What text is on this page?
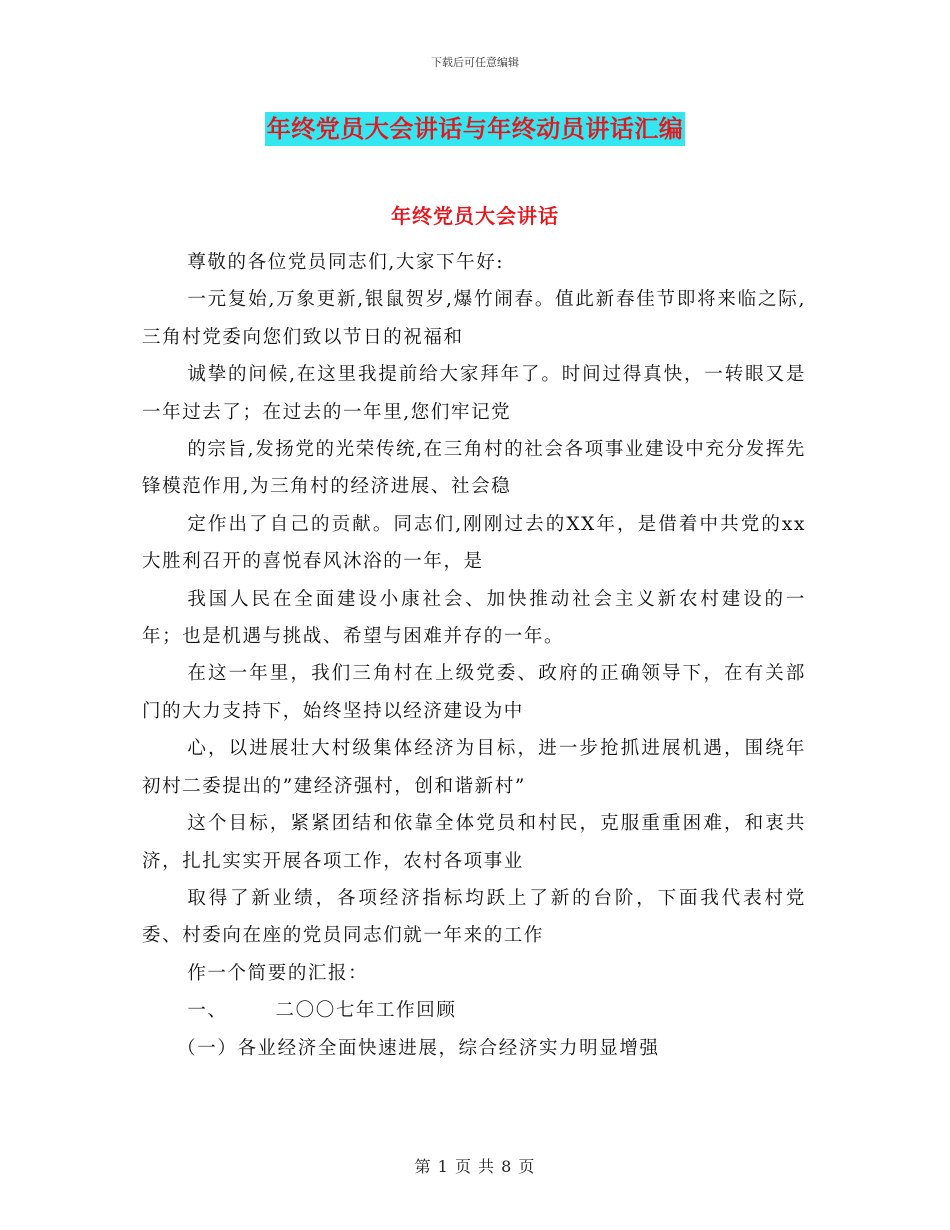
下载后可任意编辑
年终党员大会讲话与年终动员讲话汇编
年终党员大会讲话

尊敬的各位党员同志们,大家下午好:

一元复始,万象更新,银鼠贺岁,爆竹闹春。值此新春佳节即将来临之际,三角村党委向您们致以节日的祝福和

诚挚的问候,在这里我提前给大家拜年了。时间过得真快，一转眼又是一年过去了；在过去的一年里,您们牢记党

的宗旨,发扬党的光荣传统,在三角村的社会各项事业建设中充分发挥先锋模范作用,为三角村的经济进展、社会稳

定作出了自己的贡献。同志们,刚刚过去的XX年，是借着中共党的xx大胜利召开的喜悦春风沐浴的一年，是

我国人民在全面建设小康社会、加快推动社会主义新农村建设的一年；也是机遇与挑战、希望与困难并存的一年。

在这一年里，我们三角村在上级党委、政府的正确领导下，在有关部门的大力支持下，始终坚持以经济建设为中

心，以进展壮大村级集体经济为目标，进一步抢抓进展机遇，围绕年初村二委提出的”建经济强村，创和谐新村”

这个目标，紧紧团结和依靠全体党员和村民，克服重重困难，和衷共济，扎扎实实开展各项工作，农村各项事业

取得了新业绩，各项经济指标均跃上了新的台阶，下面我代表村党委、村委向在座的党员同志们就一年来的工作

作一个简要的汇报：

一、	二〇〇七年工作回顾

（一）各业经济全面快速进展，综合经济实力明显增强

第 1 页 共 8 页
